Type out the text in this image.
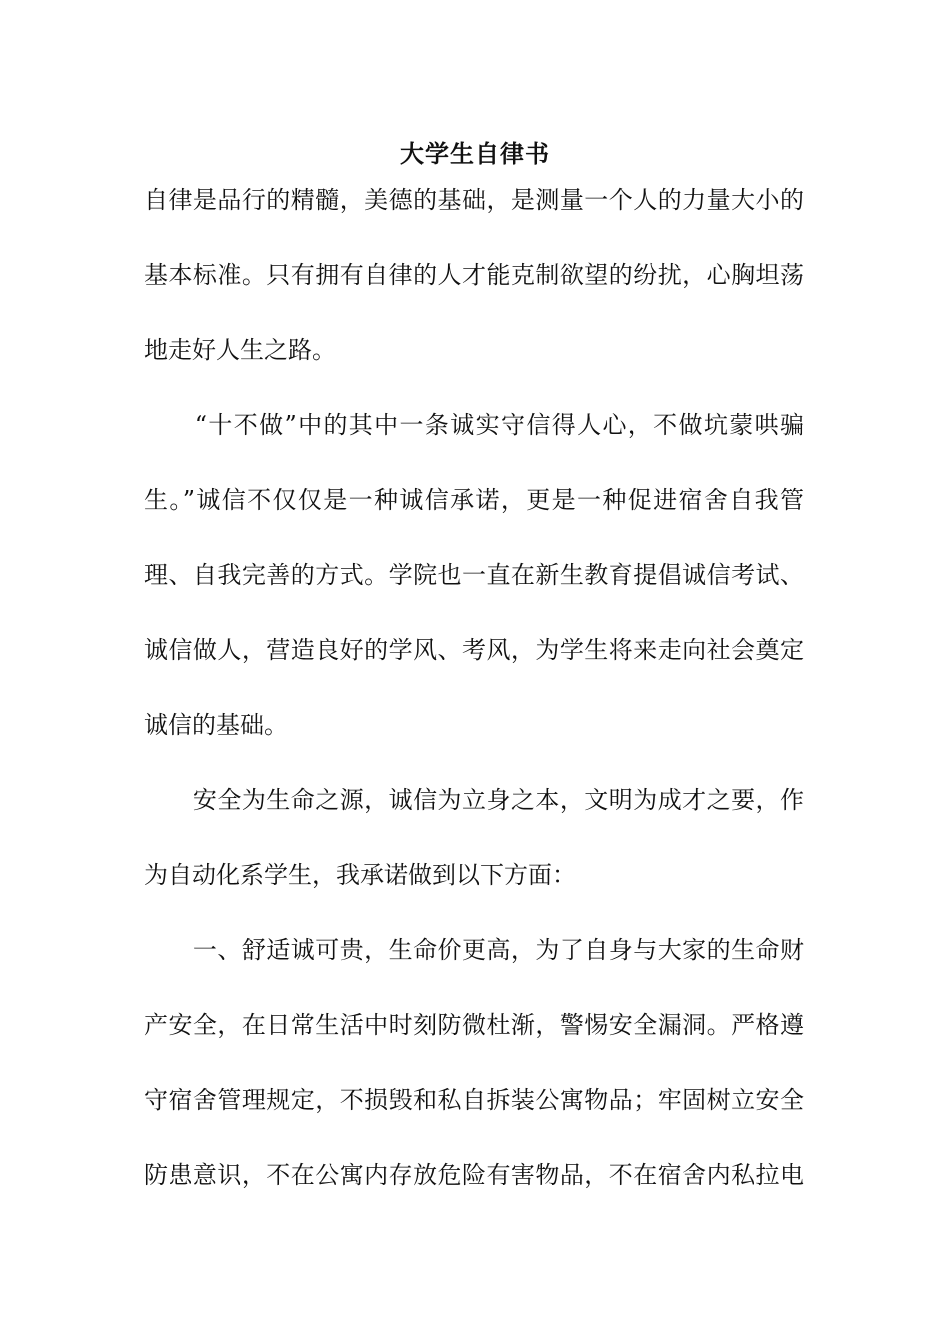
大学生自律书
自律是品行的精髓，美德的基础，是测量一个人的力量大小的
基本标准。只有拥有自律的人才能克制欲望的纷扰，心胸坦荡
地走好人生之路。
　　“十不做”中的其中一条诚实守信得人心，不做坑蒙哄骗
生。”诚信不仅仅是一种诚信承诺，更是一种促进宿舍自我管
理、自我完善的方式。学院也一直在新生教育提倡诚信考试、
诚信做人，营造良好的学风、考风，为学生将来走向社会奠定
诚信的基础。
　　安全为生命之源，诚信为立身之本，文明为成才之要，作
为自动化系学生，我承诺做到以下方面：
　　一、舒适诚可贵，生命价更高，为了自身与大家的生命财
产安全，在日常生活中时刻防微杜渐，警惕安全漏洞。严格遵
守宿舍管理规定，不损毁和私自拆装公寓物品；牢固树立安全
防患意识，不在公寓内存放危险有害物品，不在宿舍内私拉电
